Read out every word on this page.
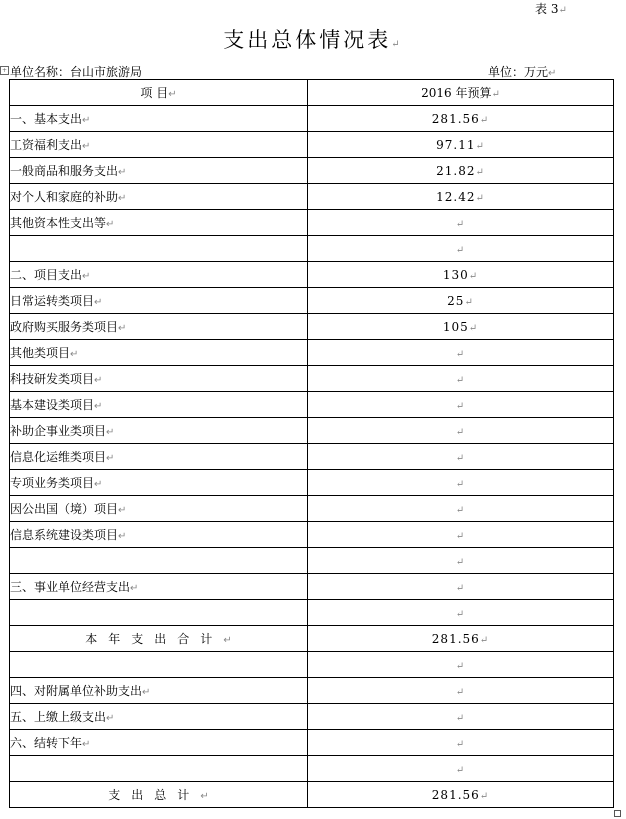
表 3↵
支出总体情况表↵
+ 单位名称：台山市旅游局	单位：万元↵
项 目↵	2016 年预算↵
一、基本支出↵	281.56↵
工资福利支出↵	97.11↵
一般商品和服务支出↵	21.82↵
对个人和家庭的补助↵	12.42↵
其他资本性支出等↵	↵
	↵
二、项目支出↵	130↵
日常运转类项目↵	25↵
政府购买服务类项目↵	105↵
其他类项目↵	↵
科技研发类项目↵	↵
基本建设类项目↵	↵
补助企事业类项目↵	↵
信息化运维类项目↵	↵
专项业务类项目↵	↵
因公出国（境）项目↵	↵
信息系统建设类项目↵	↵
	↵
三、事业单位经营支出↵	↵
	↵
本年支出合计↵	281.56↵
	↵
四、对附属单位补助支出↵	↵
五、上缴上级支出↵	↵
六、结转下年↵	↵
	↵
支出总计↵	281.56↵
